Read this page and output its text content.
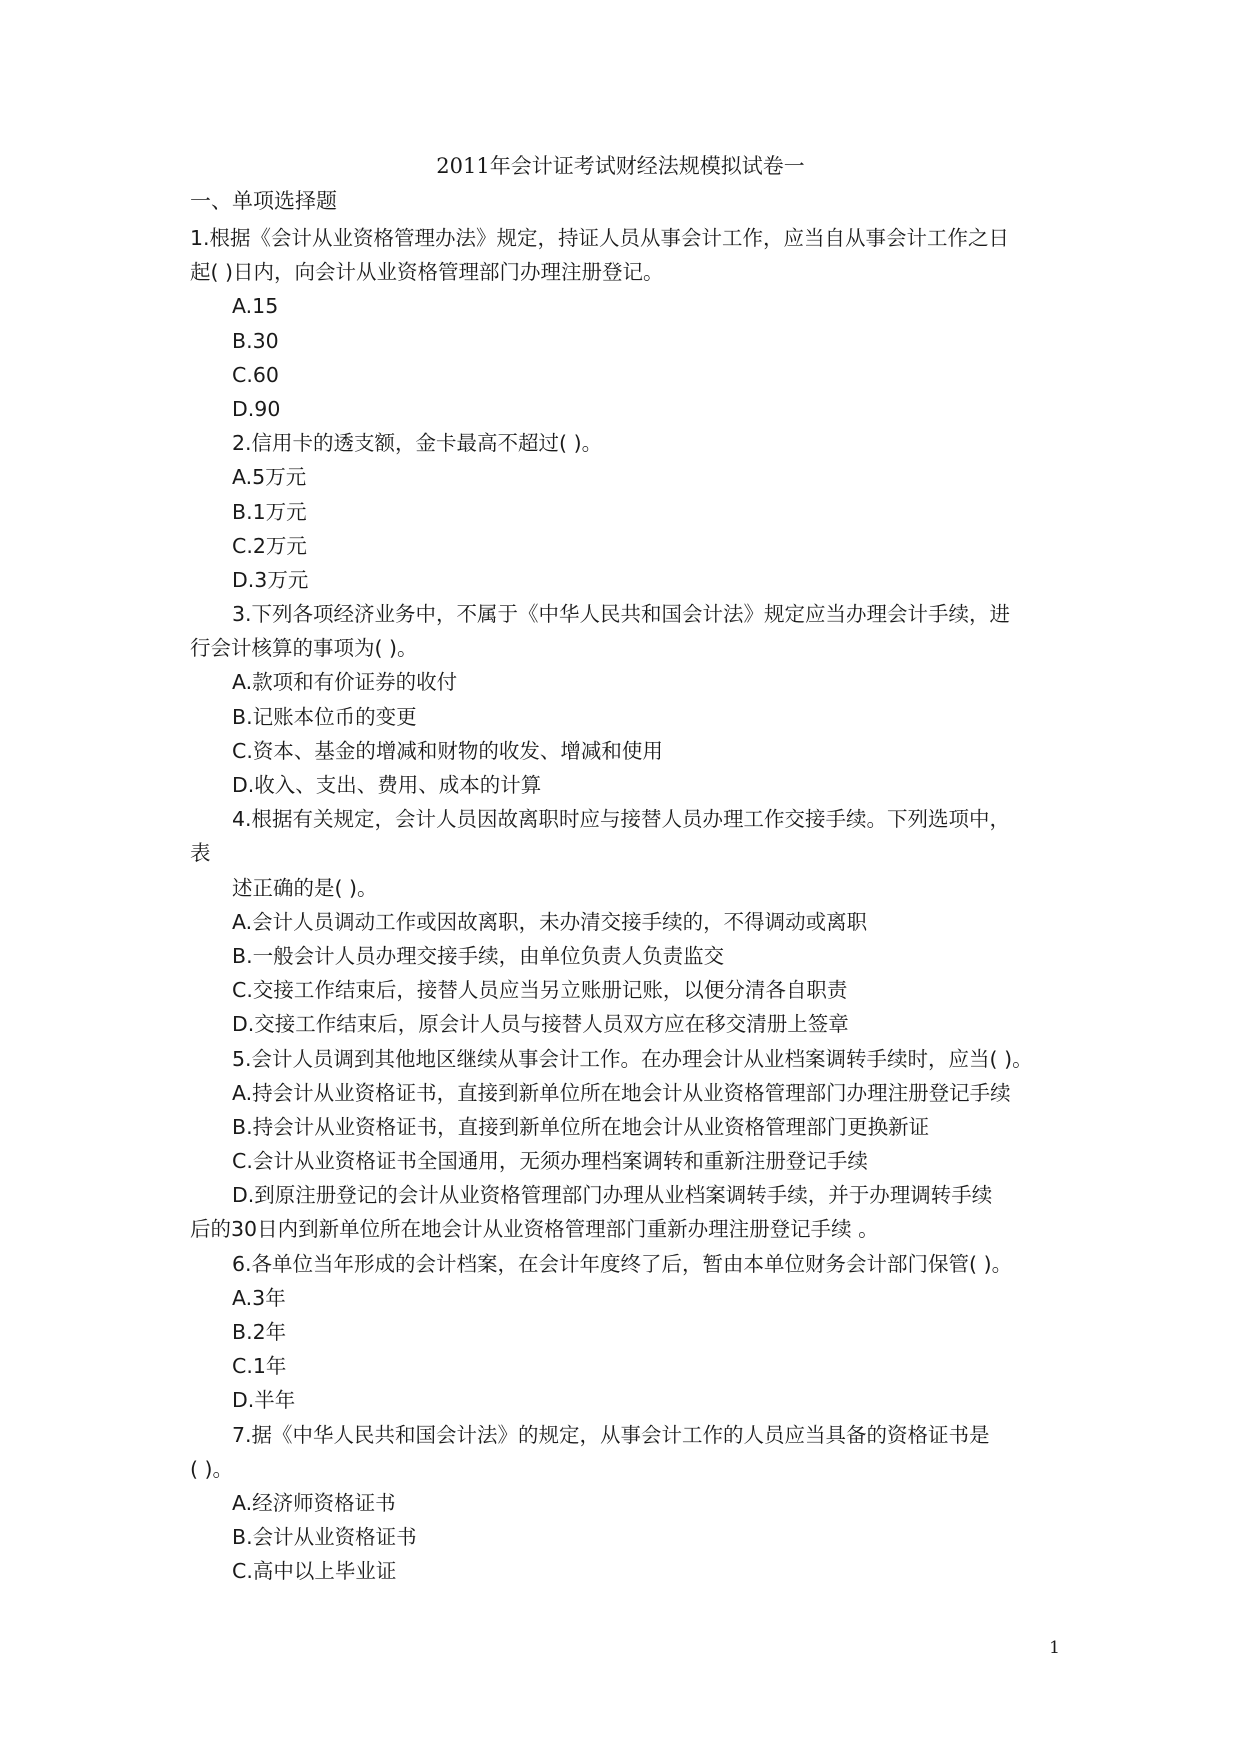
2011年会计证考试财经法规模拟试卷一
一、单项选择题
1.根据《会计从业资格管理办法》规定，持证人员从事会计工作，应当自从事会计工作之日
起( )日内，向会计从业资格管理部门办理注册登记。
A.15
B.30
C.60
D.90
2.信用卡的透支额，金卡最高不超过( )。
A.5万元
B.1万元
C.2万元
D.3万元
3.下列各项经济业务中，不属于《中华人民共和国会计法》规定应当办理会计手续，进
行会计核算的事项为( )。
A.款项和有价证券的收付
B.记账本位币的变更
C.资本、基金的增减和财物的收发、增减和使用
D.收入、支出、费用、成本的计算
4.根据有关规定，会计人员因故离职时应与接替人员办理工作交接手续。下列选项中，
表
述正确的是( )。
A.会计人员调动工作或因故离职，未办清交接手续的，不得调动或离职
B.一般会计人员办理交接手续，由单位负责人负责监交
C.交接工作结束后，接替人员应当另立账册记账，以便分清各自职责
D.交接工作结束后，原会计人员与接替人员双方应在移交清册上签章
5.会计人员调到其他地区继续从事会计工作。在办理会计从业档案调转手续时，应当( )。
A.持会计从业资格证书，直接到新单位所在地会计从业资格管理部门办理注册登记手续
B.持会计从业资格证书，直接到新单位所在地会计从业资格管理部门更换新证
C.会计从业资格证书全国通用，无须办理档案调转和重新注册登记手续
D.到原注册登记的会计从业资格管理部门办理从业档案调转手续，并于办理调转手续
后的30日内到新单位所在地会计从业资格管理部门重新办理注册登记手续 。
6.各单位当年形成的会计档案，在会计年度终了后，暂由本单位财务会计部门保管( )。
A.3年
B.2年
C.1年
D.半年
7.据《中华人民共和国会计法》的规定，从事会计工作的人员应当具备的资格证书是
( )。
A.经济师资格证书
B.会计从业资格证书
C.高中以上毕业证
1
